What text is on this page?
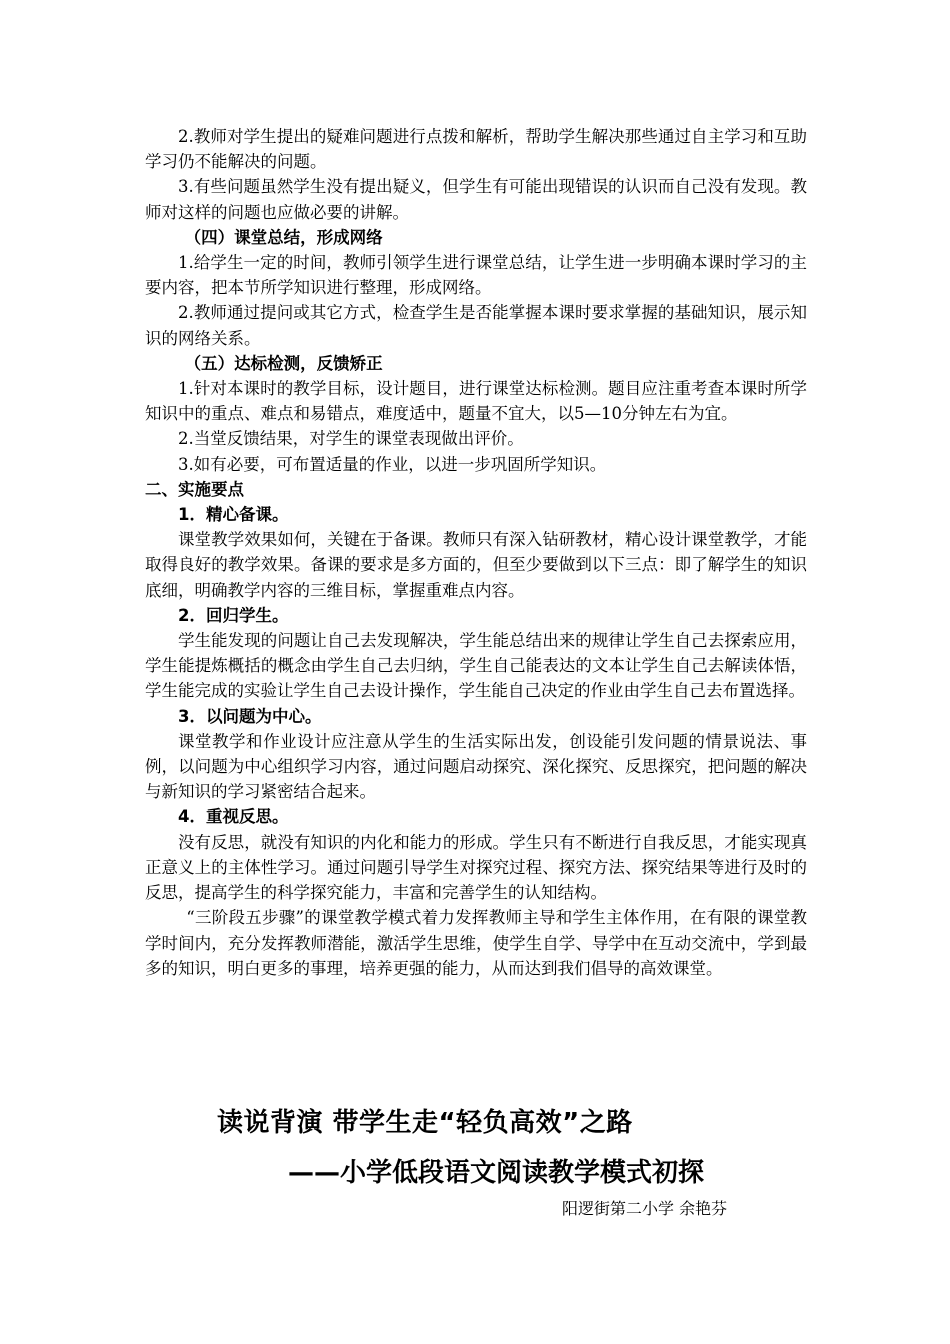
2.教师对学生提出的疑难问题进行点拨和解析，帮助学生解决那些通过自主学习和互助学习仍不能解决的问题。

3.有些问题虽然学生没有提出疑义，但学生有可能出现错误的认识而自己没有发现。教师对这样的问题也应做必要的讲解。

（四）课堂总结，形成网络

1.给学生一定的时间，教师引领学生进行课堂总结，让学生进一步明确本课时学习的主要内容，把本节所学知识进行整理，形成网络。

2.教师通过提问或其它方式，检查学生是否能掌握本课时要求掌握的基础知识，展示知识的网络关系。

（五）达标检测，反馈矫正

1.针对本课时的教学目标，设计题目，进行课堂达标检测。题目应注重考查本课时所学知识中的重点、难点和易错点，难度适中，题量不宜大，以5—10分钟左右为宜。

2.当堂反馈结果，对学生的课堂表现做出评价。

3.如有必要，可布置适量的作业，以进一步巩固所学知识。

二、实施要点

1．精心备课。

课堂教学效果如何，关键在于备课。教师只有深入钻研教材，精心设计课堂教学，才能取得良好的教学效果。备课的要求是多方面的，但至少要做到以下三点：即了解学生的知识底细，明确教学内容的三维目标，掌握重难点内容。

2．回归学生。

学生能发现的问题让自己去发现解决，学生能总结出来的规律让学生自己去探索应用，学生能提炼概括的概念由学生自己去归纳，学生自己能表达的文本让学生自己去解读体悟，学生能完成的实验让学生自己去设计操作，学生能自己决定的作业由学生自己去布置选择。

3．以问题为中心。

课堂教学和作业设计应注意从学生的生活实际出发，创设能引发问题的情景说法、事例，以问题为中心组织学习内容，通过问题启动探究、深化探究、反思探究，把问题的解决与新知识的学习紧密结合起来。

4．重视反思。

没有反思，就没有知识的内化和能力的形成。学生只有不断进行自我反思，才能实现真正意义上的主体性学习。通过问题引导学生对探究过程、探究方法、探究结果等进行及时的反思，提高学生的科学探究能力，丰富和完善学生的认知结构。

“三阶段五步骤”的课堂教学模式着力发挥教师主导和学生主体作用，在有限的课堂教学时间内，充分发挥教师潜能，激活学生思维，使学生自学、导学中在互动交流中，学到最多的知识，明白更多的事理，培养更强的能力，从而达到我们倡导的高效课堂。

读说背演 带学生走“轻负高效”之路
——小学低段语文阅读教学模式初探
阳逻街第二小学 余艳芬
